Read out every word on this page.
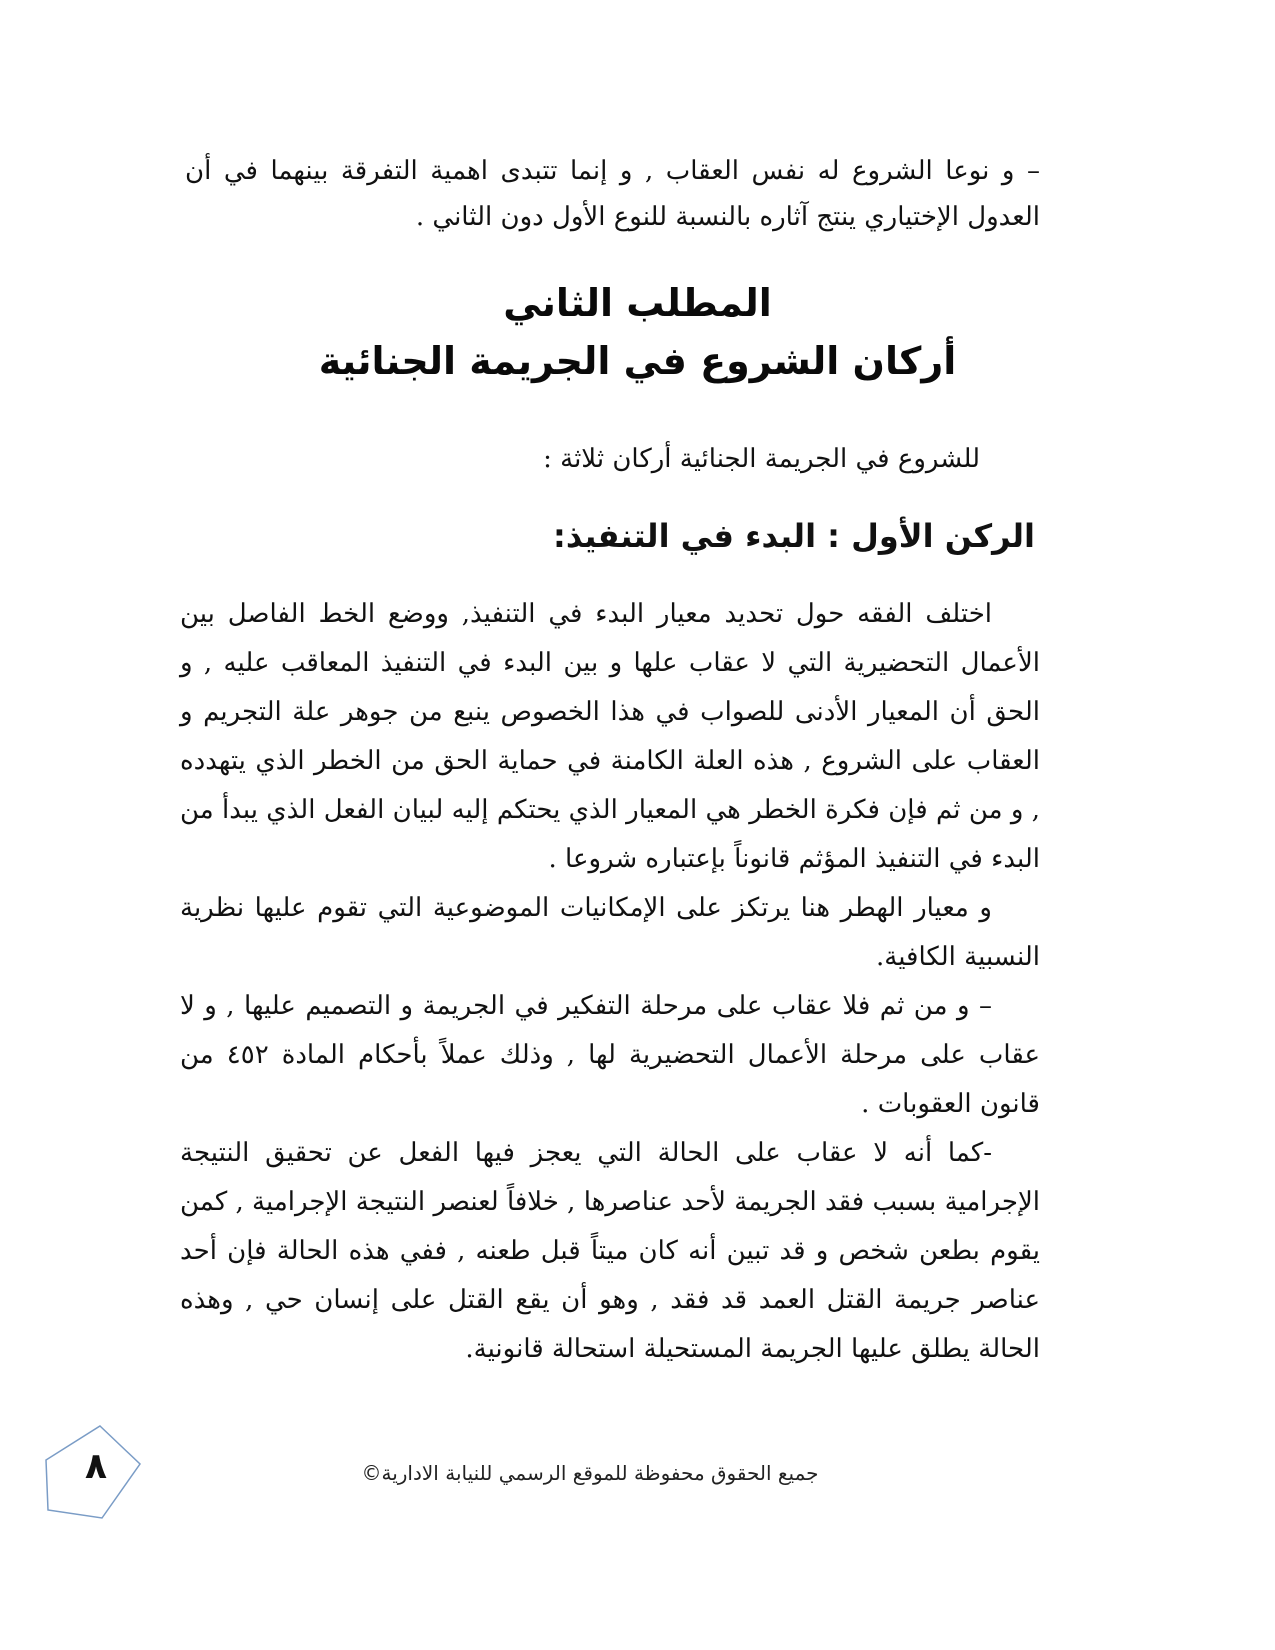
– و نوعا الشروع له نفس العقاب , و إنما تتبدى اهمية التفرقة بينهما في أن العدول الإختياري ينتج آثاره بالنسبة للنوع الأول دون الثاني .
المطلب الثاني
أركان الشروع في الجريمة الجنائية
للشروع في الجريمة الجنائية أركان ثلاثة :
الركن الأول : البدء في التنفيذ:

اختلف الفقه حول تحديد معيار البدء في التنفيذ, ووضع الخط الفاصل بين الأعمال التحضيرية التي لا عقاب علها و بين البدء في التنفيذ المعاقب عليه , و الحق أن المعيار الأدنى للصواب في هذا الخصوص ينبع من جوهر علة التجريم و العقاب على الشروع , هذه العلة الكامنة في حماية الحق من الخطر الذي يتهدده , و من ثم فإن فكرة الخطر هي المعيار الذي يحتكم إليه لبيان الفعل الذي يبدأ من البدء في التنفيذ المؤثم قانوناً بإعتباره شروعا .

و معيار الهطر هنا يرتكز على الإمكانيات الموضوعية التي تقوم عليها نظرية النسبية الكافية.

– و من ثم فلا عقاب على مرحلة التفكير في الجريمة و التصميم عليها , و لا عقاب على مرحلة الأعمال التحضيرية لها , وذلك عملاً بأحكام المادة ٤٥٢ من قانون العقوبات .

-كما أنه لا عقاب على الحالة التي يعجز فيها الفعل عن تحقيق النتيجة الإجرامية بسبب فقد الجريمة لأحد عناصرها , خلافاً لعنصر النتيجة الإجرامية , كمن يقوم بطعن شخص و قد تبين أنه كان ميتاً قبل طعنه , ففي هذه الحالة فإن أحد عناصر جريمة القتل العمد قد فقد , وهو أن يقع القتل على إنسان حي , وهذه الحالة يطلق عليها الجريمة المستحيلة استحالة قانونية.

جميع الحقوق محفوظة للموقع الرسمي للنيابة الادارية©
٨
